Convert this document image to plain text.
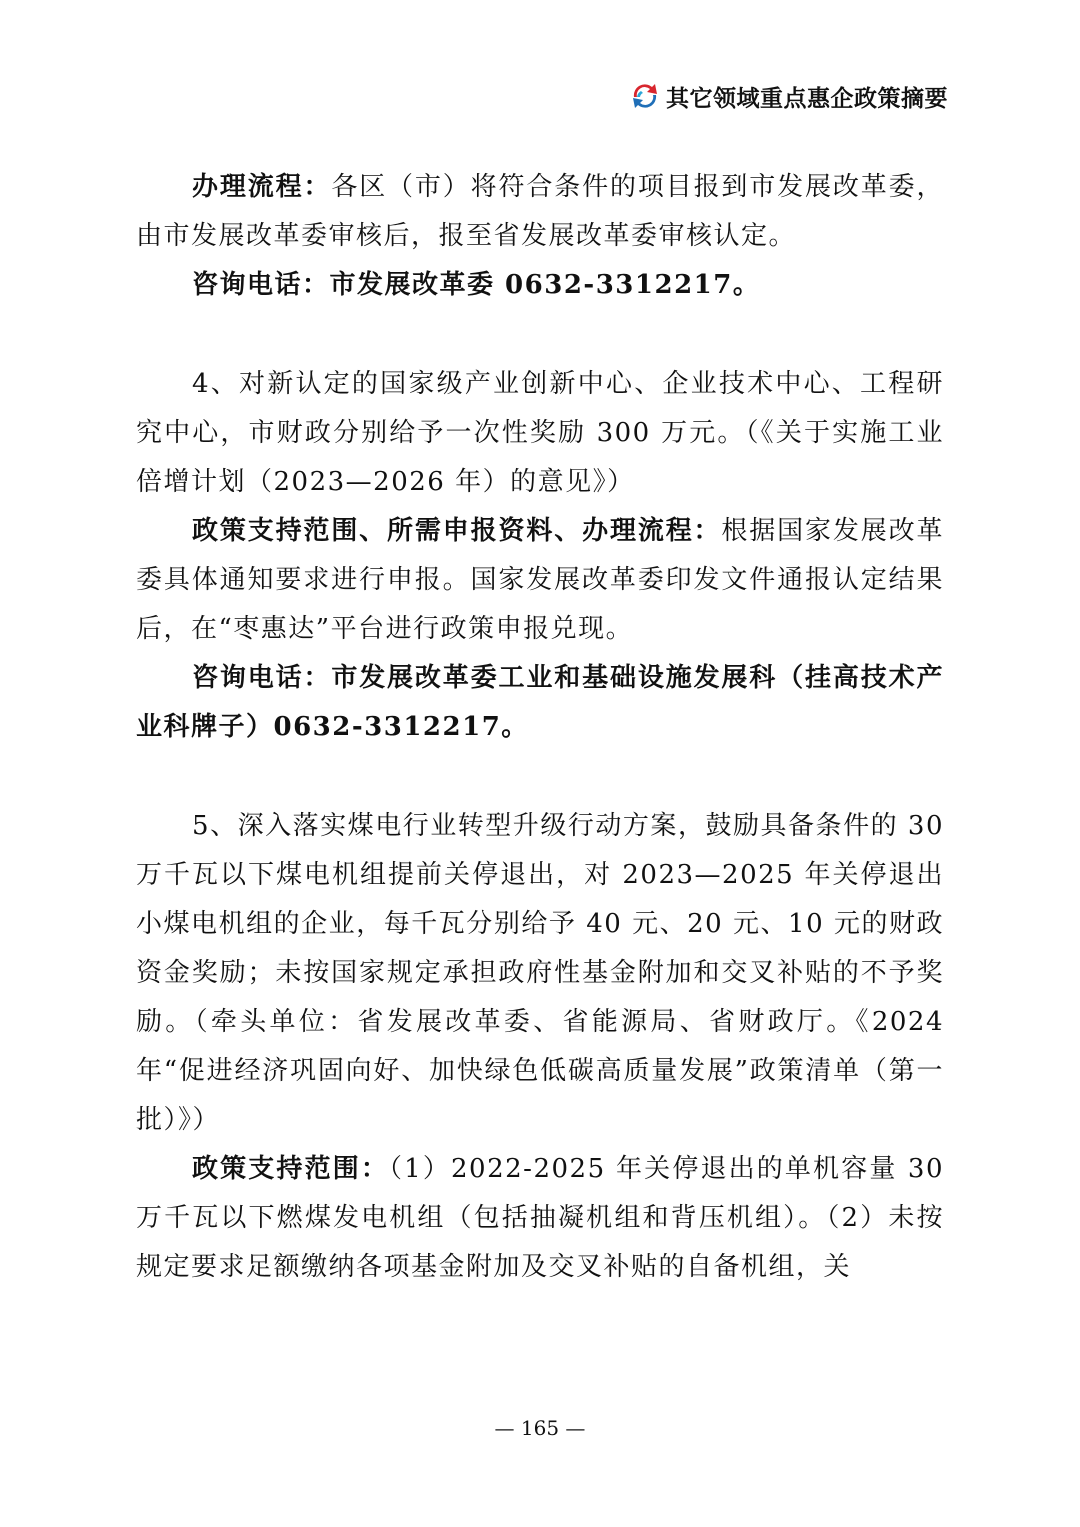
其它领域重点惠企政策摘要

办理流程：各区（市）将符合条件的项目报到市发展改革委，由市发展改革委审核后，报至省发展改革委审核认定。

咨询电话：市发展改革委 0632-3312217。

4、对新认定的国家级产业创新中心、企业技术中心、工程研究中心，市财政分别给予一次性奖励 300 万元。（《关于实施工业倍增计划（2023—2026 年）的意见》）

政策支持范围、所需申报资料、办理流程：根据国家发展改革委具体通知要求进行申报。国家发展改革委印发文件通报认定结果后，在“枣惠达”平台进行政策申报兑现。

咨询电话：市发展改革委工业和基础设施发展科（挂高技术产业科牌子）0632-3312217。

5、深入落实煤电行业转型升级行动方案，鼓励具备条件的 30 万千瓦以下煤电机组提前关停退出，对 2023—2025 年关停退出小煤电机组的企业，每千瓦分别给予 40 元、20 元、10 元的财政资金奖励；未按国家规定承担政府性基金附加和交叉补贴的不予奖励。（牵头单位：省发展改革委、省能源局、省财政厅。《2024 年“促进经济巩固向好、加快绿色低碳高质量发展”政策清单（第一批）》）

政策支持范围：（1）2022-2025 年关停退出的单机容量 30 万千瓦以下燃煤发电机组（包括抽凝机组和背压机组）。（2）未按规定要求足额缴纳各项基金附加及交叉补贴的自备机组，关

— 165 —
